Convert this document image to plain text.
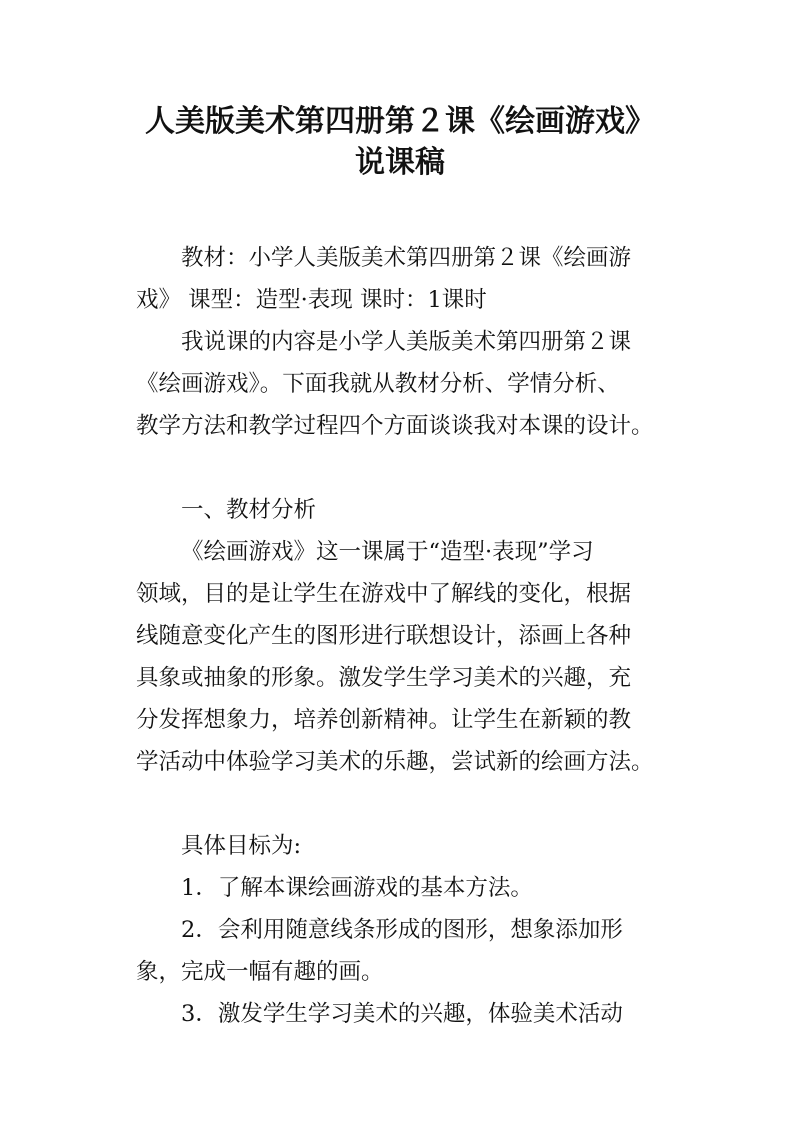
人美版美术第四册第２课《绘画游戏》
说课稿

教材：小学人美版美术第四册第２课《绘画游

戏》 课型：造型·表现 课时：1课时

我说课的内容是小学人美版美术第四册第２课

《绘画游戏》。下面我就从教材分析、学情分析、

教学方法和教学过程四个方面谈谈我对本课的设计。

一、教材分析

《绘画游戏》这一课属于“造型·表现”学习

领域，目的是让学生在游戏中了解线的变化，根据

线随意变化产生的图形进行联想设计，添画上各种

具象或抽象的形象。激发学生学习美术的兴趣，充

分发挥想象力，培养创新精神。让学生在新颖的教

学活动中体验学习美术的乐趣，尝试新的绘画方法。

具体目标为:

1．了解本课绘画游戏的基本方法。

2．会利用随意线条形成的图形，想象添加形

象，完成一幅有趣的画。

3．激发学生学习美术的兴趣，体验美术活动
